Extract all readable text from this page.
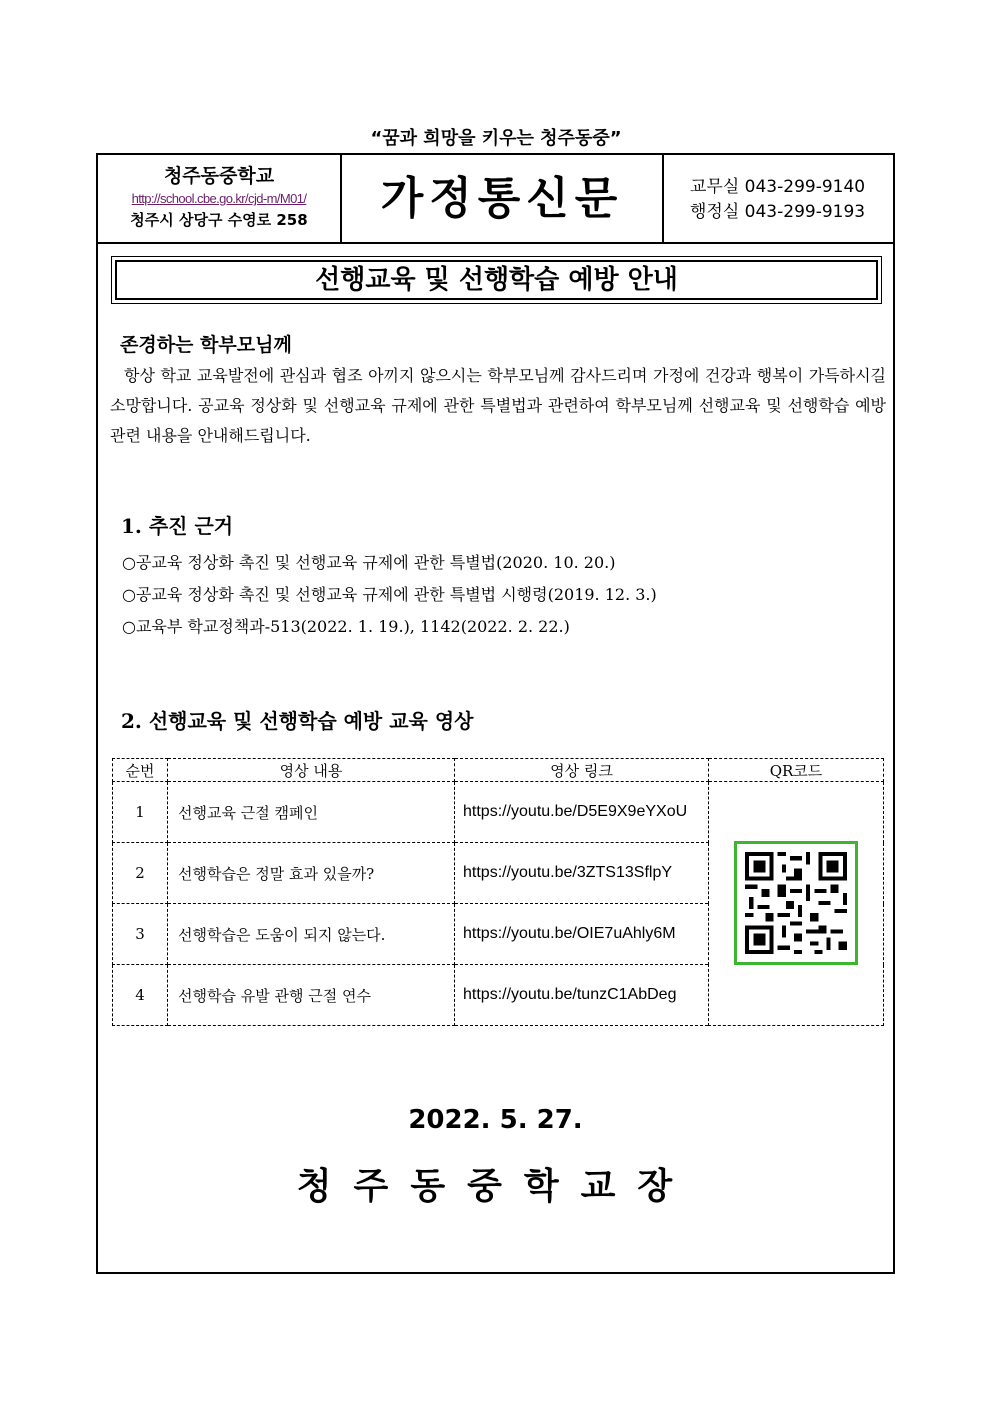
“꿈과 희망을 키우는 청주동중”
청주동중학교
http://school.cbe.go.kr/cjd-m/M01/
청주시 상당구 수영로 258	가정통신문	교무실 043-299-9140
행정실 043-299-9193
선행교육 및 선행학습 예방 안내
존경하는 학부모님께
항상 학교 교육발전에 관심과 협조 아끼지 않으시는 학부모님께 감사드리며 가정에 건강과 행복이 가득하시길 소망합니다. 공교육 정상화 및 선행교육 규제에 관한 특별법과 관련하여 학부모님께 선행교육 및 선행학습 예방 관련 내용을 안내해드립니다.
1. 추진 근거
○공교육 정상화 촉진 및 선행교육 규제에 관한 특별법(2020. 10. 20.)
○공교육 정상화 촉진 및 선행교육 규제에 관한 특별법 시행령(2019. 12. 3.)
○교육부 학교정책과-513(2022. 1. 19.), 1142(2022. 2. 22.)
2. 선행교육 및 선행학습 예방 교육 영상
순번	영상 내용	영상 링크	QR코드
1	선행교육 근절 캠페인	https://youtu.be/D5E9X9eYXoU	
2	선행학습은 정말 효과 있을까?	https://youtu.be/3ZTS13SflpY	
3	선행학습은 도움이 되지 않는다.	https://youtu.be/OIE7uAhly6M	
4	선행학습 유발 관행 근절 연수	https://youtu.be/tunzC1AbDeg	
2022. 5. 27.
청주동중학교장
